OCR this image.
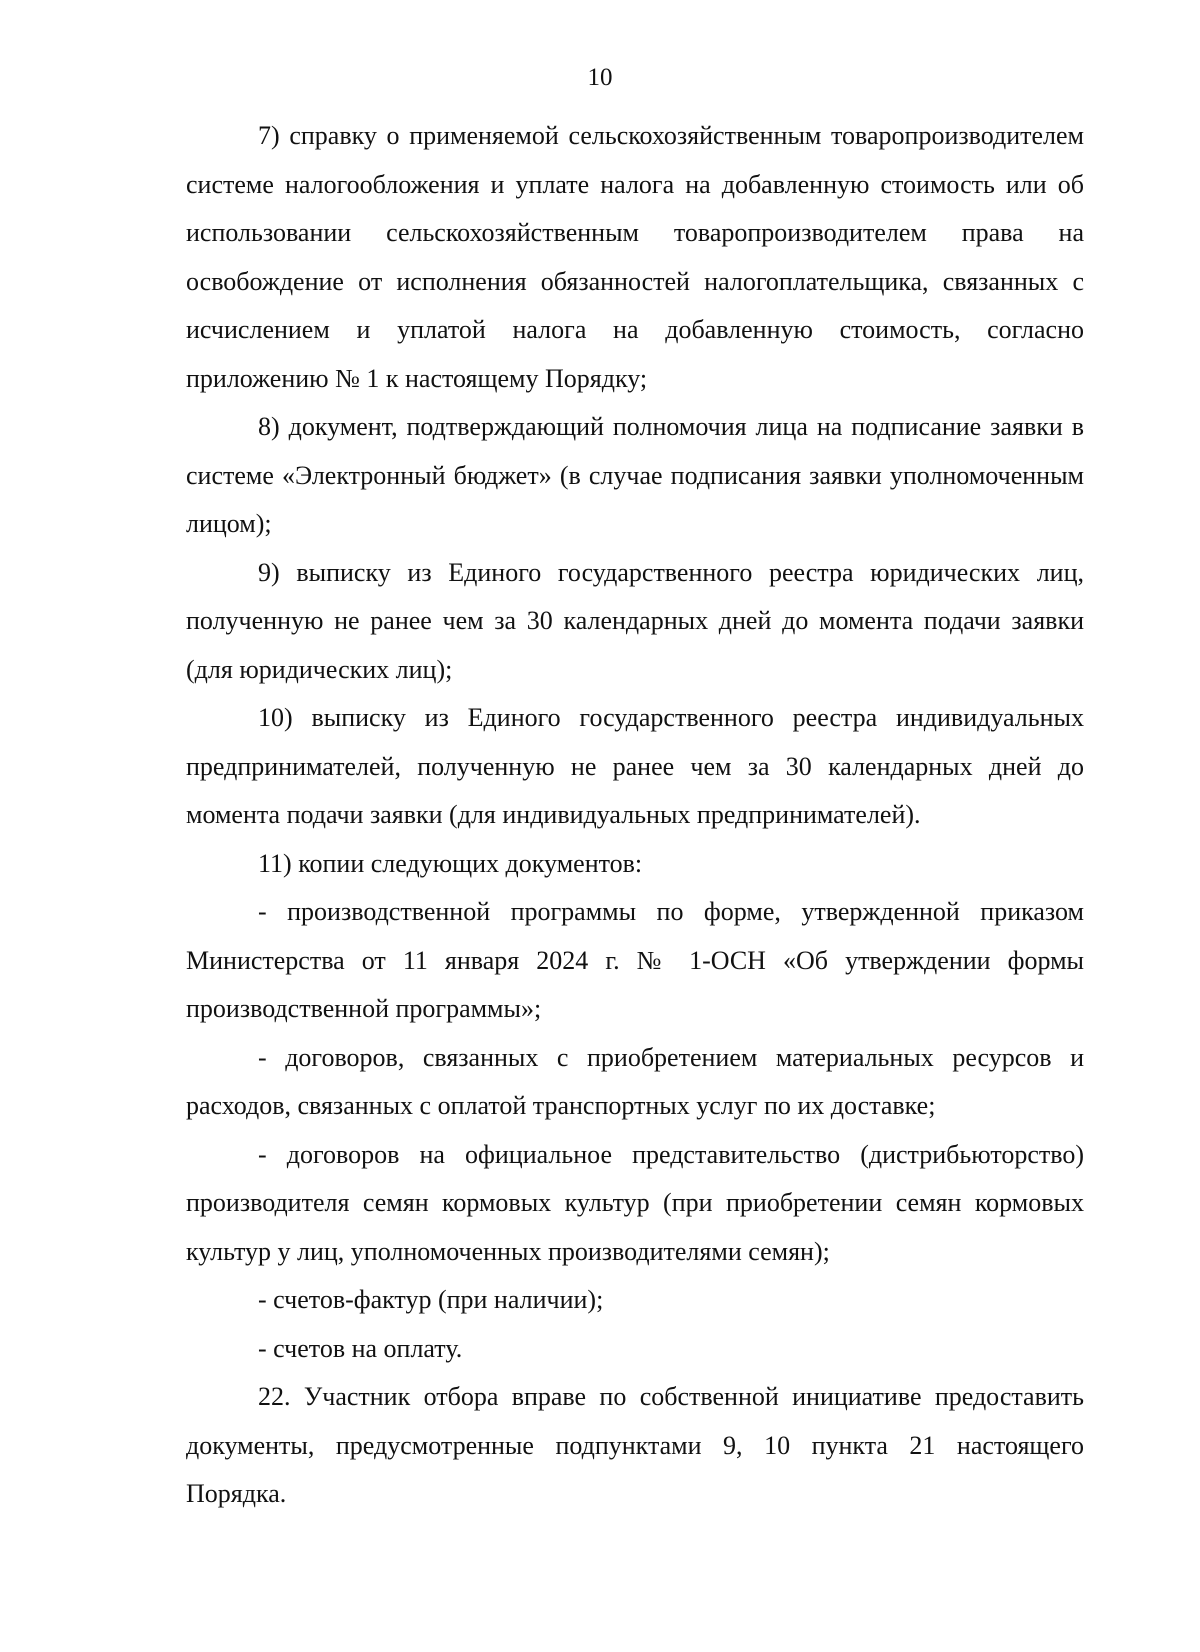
10

7) справку о применяемой сельскохозяйственным товаропроизводителем системе налогообложения и уплате налога на добавленную стоимость или об использовании сельскохозяйственным товаропроизводителем права на освобождение от исполнения обязанностей налогоплательщика, связанных с исчислением и уплатой налога на добавленную стоимость, согласно приложению № 1 к настоящему Порядку;

8) документ, подтверждающий полномочия лица на подписание заявки в системе «Электронный бюджет» (в случае подписания заявки уполномоченным лицом);

9) выписку из Единого государственного реестра юридических лиц, полученную не ранее чем за 30 календарных дней до момента подачи заявки (для юридических лиц);

10) выписку из Единого государственного реестра индивидуальных предпринимателей, полученную не ранее чем за 30 календарных дней до момента подачи заявки (для индивидуальных предпринимателей).

11) копии следующих документов:

- производственной программы по форме, утвержденной приказом Министерства от 11 января 2024 г. № 1-ОСН «Об утверждении формы производственной программы»;

- договоров, связанных с приобретением материальных ресурсов и расходов, связанных с оплатой транспортных услуг по их доставке;

- договоров на официальное представительство (дистрибьюторство) производителя семян кормовых культур (при приобретении семян кормовых культур у лиц, уполномоченных производителями семян);

- счетов-фактур (при наличии);

- счетов на оплату.

22. Участник отбора вправе по собственной инициативе предоставить документы, предусмотренные подпунктами 9, 10 пункта 21 настоящего Порядка.
